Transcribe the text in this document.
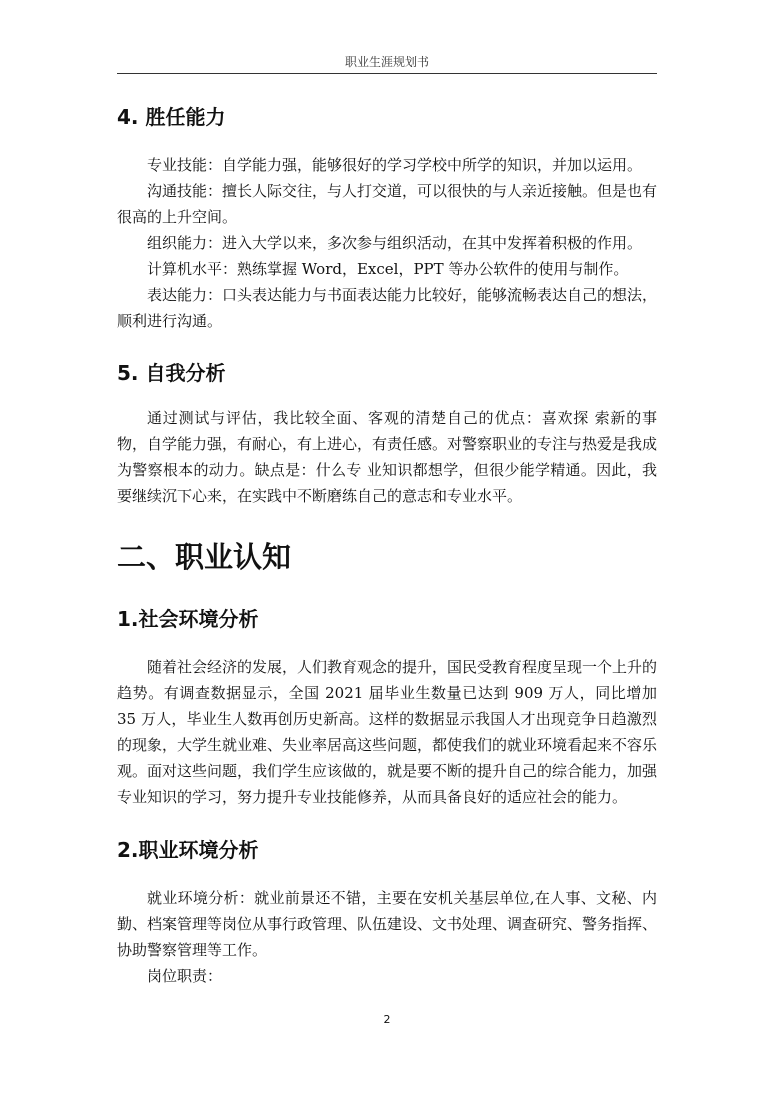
职业生涯规划书
4. 胜任能力

专业技能：自学能力强，能够很好的学习学校中所学的知识，并加以运用。

沟通技能：擅长人际交往，与人打交道，可以很快的与人亲近接触。但是也有很高的上升空间。

组织能力：进入大学以来，多次参与组织活动，在其中发挥着积极的作用。

计算机水平：熟练掌握 Word，Excel，PPT 等办公软件的使用与制作。

表达能力：口头表达能力与书面表达能力比较好，能够流畅表达自己的想法，顺利进行沟通。

5. 自我分析

通过测试与评估，我比较全面、客观的清楚自己的优点：喜欢探 索新的事物，自学能力强，有耐心，有上进心，有责任感。对警察职业的专注与热爱是我成为警察根本的动力。缺点是：什么专 业知识都想学，但很少能学精通。因此，我要继续沉下心来，在实践中不断磨练自己的意志和专业水平。

二、职业认知
1.社会环境分析

随着社会经济的发展，人们教育观念的提升，国民受教育程度呈现一个上升的趋势。有调查数据显示，全国 2021 届毕业生数量已达到 909 万人，同比增加 35 万人，毕业生人数再创历史新高。这样的数据显示我国人才出现竞争日趋激烈的现象，大学生就业难、失业率居高这些问题，都使我们的就业环境看起来不容乐观。面对这些问题，我们学生应该做的，就是要不断的提升自己的综合能力，加强专业知识的学习，努力提升专业技能修养，从而具备良好的适应社会的能力。

2.职业环境分析

就业环境分析：就业前景还不错，主要在安机关基层单位,在人事、文秘、内勤、档案管理等岗位从事行政管理、队伍建设、文书处理、调查研究、警务指挥、协助警察管理等工作。

岗位职责：

2
